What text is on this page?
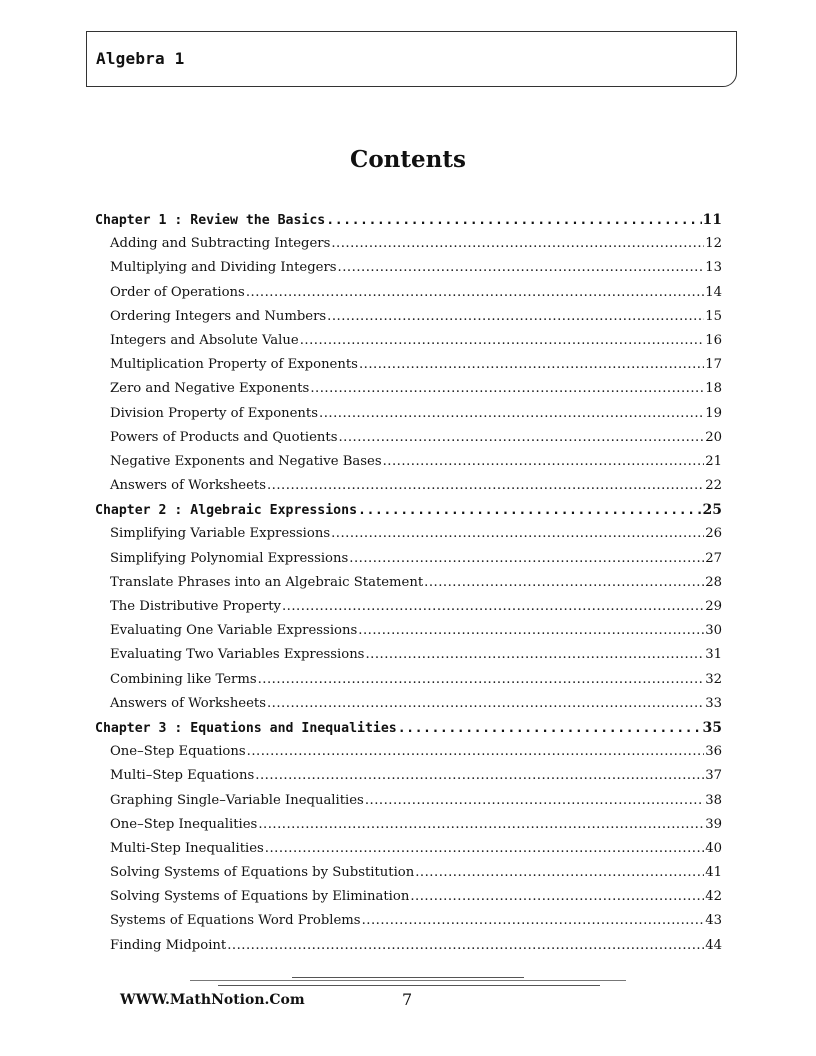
Algebra 1
Contents
Chapter 1 : Review the Basics .....	11
Adding and Subtracting Integers .....	12
Multiplying and Dividing Integers .....	13
Order of Operations .....	14
Ordering Integers and Numbers .....	15
Integers and Absolute Value .....	16
Multiplication Property of Exponents .....	17
Zero and Negative Exponents .....	18
Division Property of Exponents .....	19
Powers of Products and Quotients .....	20
Negative Exponents and Negative Bases .....	21
Answers of Worksheets .....	22
Chapter 2 : Algebraic Expressions .....	25
Simplifying Variable Expressions .....	26
Simplifying Polynomial Expressions .....	27
Translate Phrases into an Algebraic Statement .....	28
The Distributive Property .....	29
Evaluating One Variable Expressions .....	30
Evaluating Two Variables Expressions .....	31
Combining like Terms .....	32
Answers of Worksheets .....	33
Chapter 3 : Equations and Inequalities .....	35
One–Step Equations .....	36
Multi–Step Equations .....	37
Graphing Single–Variable Inequalities .....	38
One–Step Inequalities .....	39
Multi-Step Inequalities .....	40
Solving Systems of Equations by Substitution .....	41
Solving Systems of Equations by Elimination .....	42
Systems of Equations Word Problems .....	43
Finding Midpoint .....	44
WWW.MathNotion.Com	7
